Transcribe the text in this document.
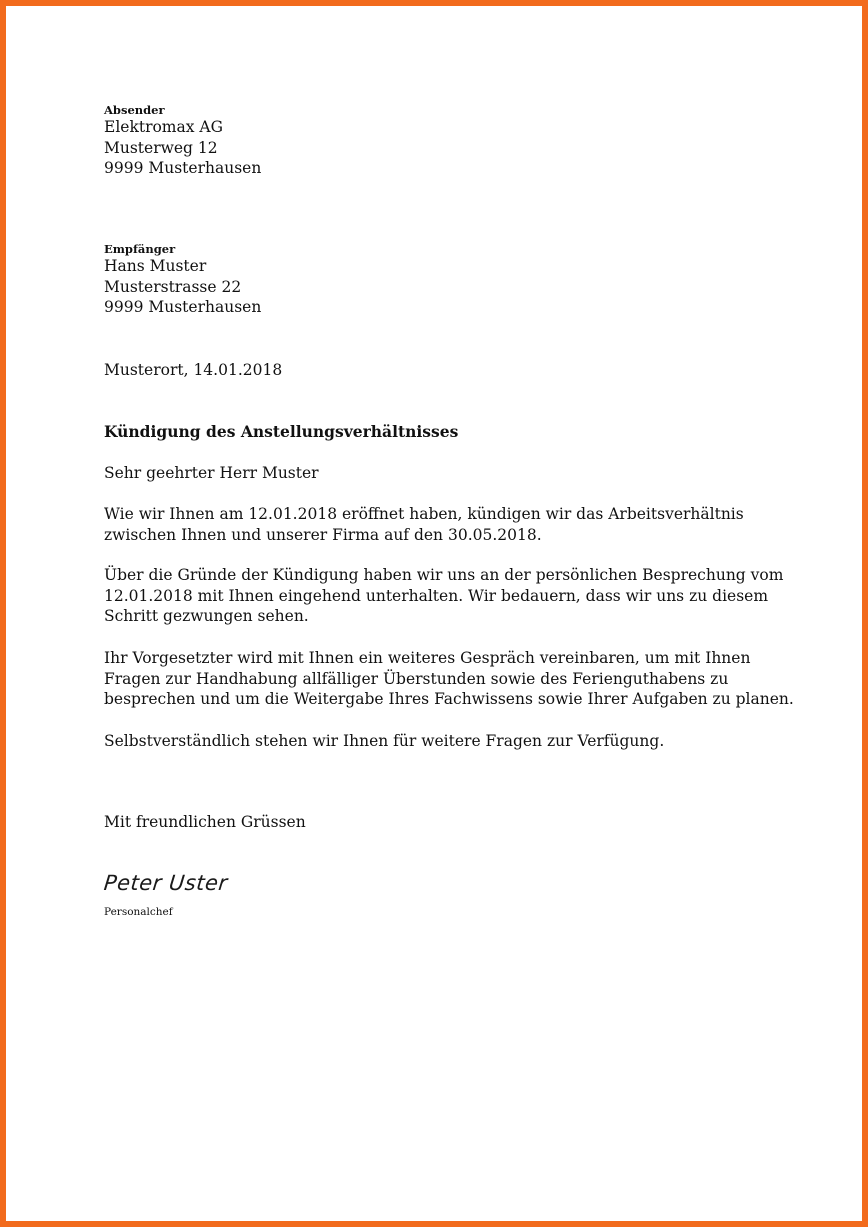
Absender
Elektromax AG
Musterweg 12
9999 Musterhausen
Empfänger
Hans Muster
Musterstrasse 22
9999 Musterhausen
Musterort, 14.01.2018
Kündigung des Anstellungsverhältnisses
Sehr geehrter Herr Muster
Wie wir Ihnen am 12.01.2018 eröffnet haben, kündigen wir das Arbeitsverhältnis
zwischen Ihnen und unserer Firma auf den 30.05.2018.
Über die Gründe der Kündigung haben wir uns an der persönlichen Besprechung vom
12.01.2018 mit Ihnen eingehend unterhalten. Wir bedauern, dass wir uns zu diesem
Schritt gezwungen sehen.
Ihr Vorgesetzter wird mit Ihnen ein weiteres Gespräch vereinbaren, um mit Ihnen
Fragen zur Handhabung allfälliger Überstunden sowie des Ferienguthabens zu
besprechen und um die Weitergabe Ihres Fachwissens sowie Ihrer Aufgaben zu planen.
Selbstverständlich stehen wir Ihnen für weitere Fragen zur Verfügung.
Mit freundlichen Grüssen
Peter Uster
Personalchef
